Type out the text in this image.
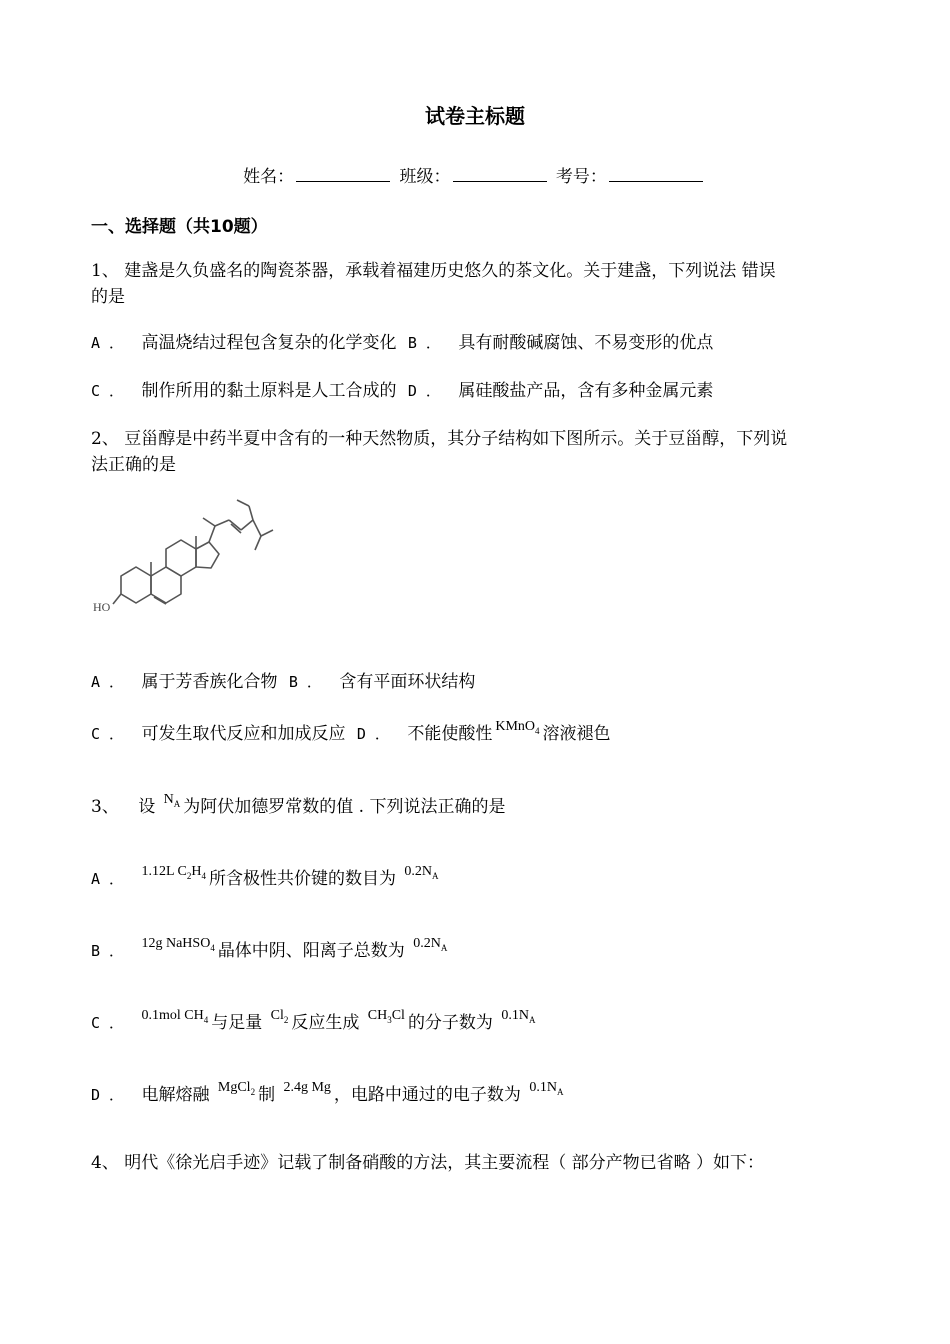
试卷主标题
姓名：	班级：	考号：
一、选择题（共10题）
1、 建盏是久负盛名的陶瓷茶器，承载着福建历史悠久的茶文化。关于建盏，下列说法 错误
的是
A ． 高温烧结过程包含复杂的化学变化 B ． 具有耐酸碱腐蚀、不易变形的优点
C ． 制作所用的黏土原料是人工合成的 D ． 属硅酸盐产品，含有多种金属元素
2、 豆甾醇是中药半夏中含有的一种天然物质，其分子结构如下图所示。关于豆甾醇，下列说
法正确的是
HO
A ． 属于芳香族化合物 B ． 含有平面环状结构
C ． 可发生取代反应和加成反应 D ． 不能使酸性 $^{KMnO_4}$ 溶液褪色
3、 设 $^{N_A}$ 为阿伏加德罗常数的值 . 下列说法正确的是
A ． $^{1.12L C_2H_4}$ 所含极性共价键的数目为 $^{0.2N_A}$
B ． $^{12g NaHSO_4}$ 晶体中阴、阳离子总数为 $^{0.2N_A}$
C ． $^{0.1mol CH_4}$ 与足量 $^{Cl_2}$ 反应生成 $^{CH_3Cl}$ 的分子数为 $^{0.1N_A}$
D ． 电解熔融 $^{MgCl_2}$ 制 $^{2.4g Mg}$ ，电路中通过的电子数为 $^{0.1N_A}$
4、 明代《徐光启手迹》记载了制备硝酸的方法，其主要流程（ 部分产物已省略 ）如下：
